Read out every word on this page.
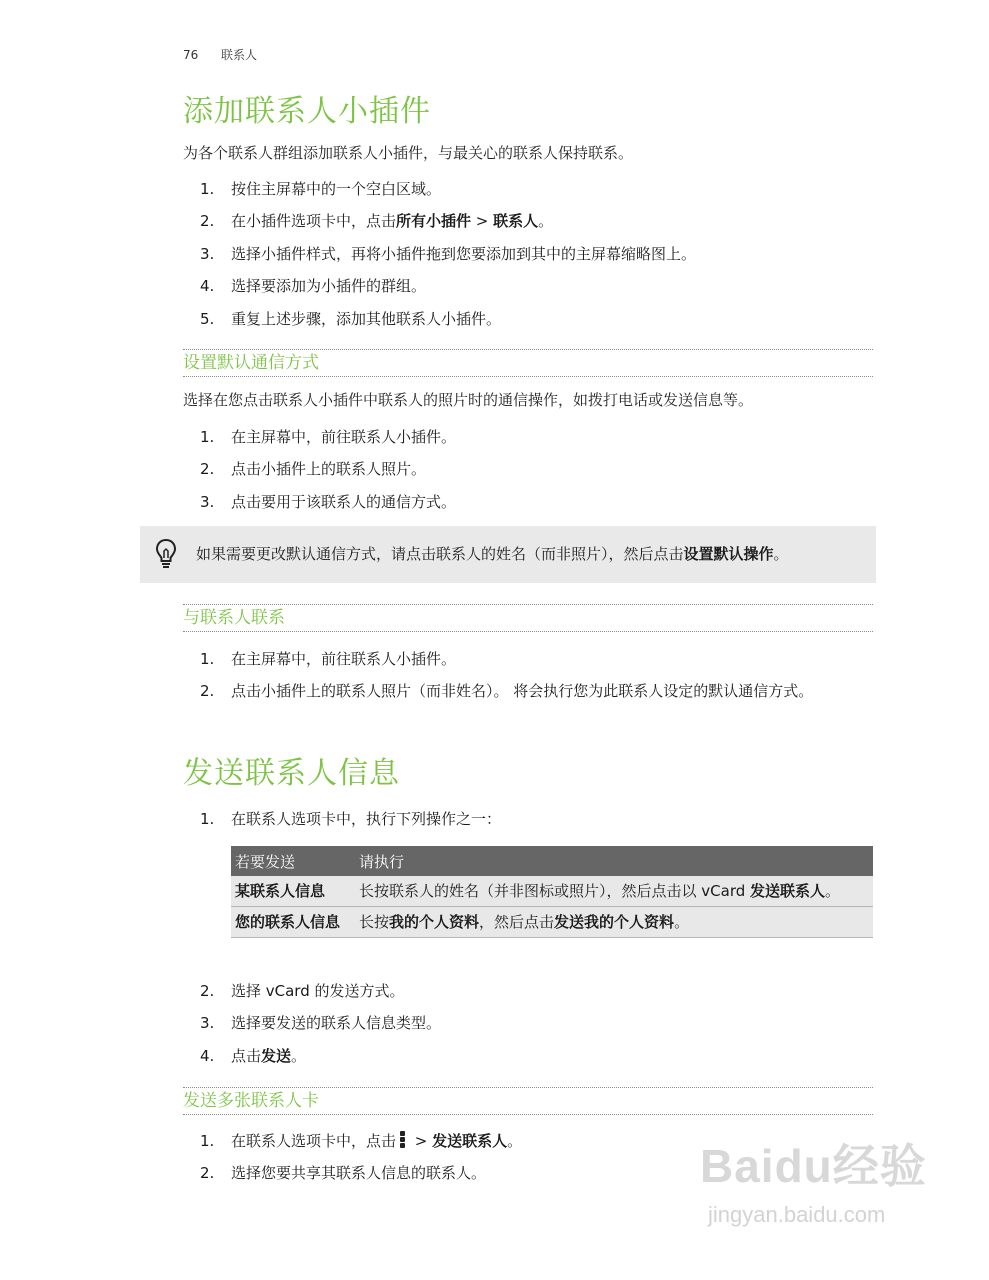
76 联系人
添加联系人小插件
为各个联系人群组添加联系人小插件，与最关心的联系人保持联系。
1.	按住主屏幕中的一个空白区域。
2.	在小插件选项卡中，点击所有小插件 > 联系人。
3.	选择小插件样式，再将小插件拖到您要添加到其中的主屏幕缩略图上。
4.	选择要添加为小插件的群组。
5.	重复上述步骤，添加其他联系人小插件。
设置默认通信方式
选择在您点击联系人小插件中联系人的照片时的通信操作，如拨打电话或发送信息等。
1.	在主屏幕中，前往联系人小插件。
2.	点击小插件上的联系人照片。
3.	点击要用于该联系人的通信方式。
如果需要更改默认通信方式，请点击联系人的姓名（而非照片），然后点击设置默认操作。
与联系人联系
1.	在主屏幕中，前往联系人小插件。
2.	点击小插件上的联系人照片（而非姓名）。 将会执行您为此联系人设定的默认通信方式。
发送联系人信息
1.	在联系人选项卡中，执行下列操作之一：
若要发送	请执行
某联系人信息	长按联系人的姓名（并非图标或照片），然后点击以 vCard 发送联系人。
您的联系人信息	长按我的个人资料，然后点击发送我的个人资料。
2.	选择 vCard 的发送方式。
3.	选择要发送的联系人信息类型。
4.	点击发送。
发送多张联系人卡
1.	在联系人选项卡中，点击
> 发送联系人。
2.	选择您要共享其联系人信息的联系人。	Baidu经验
jingyan.baidu.com
